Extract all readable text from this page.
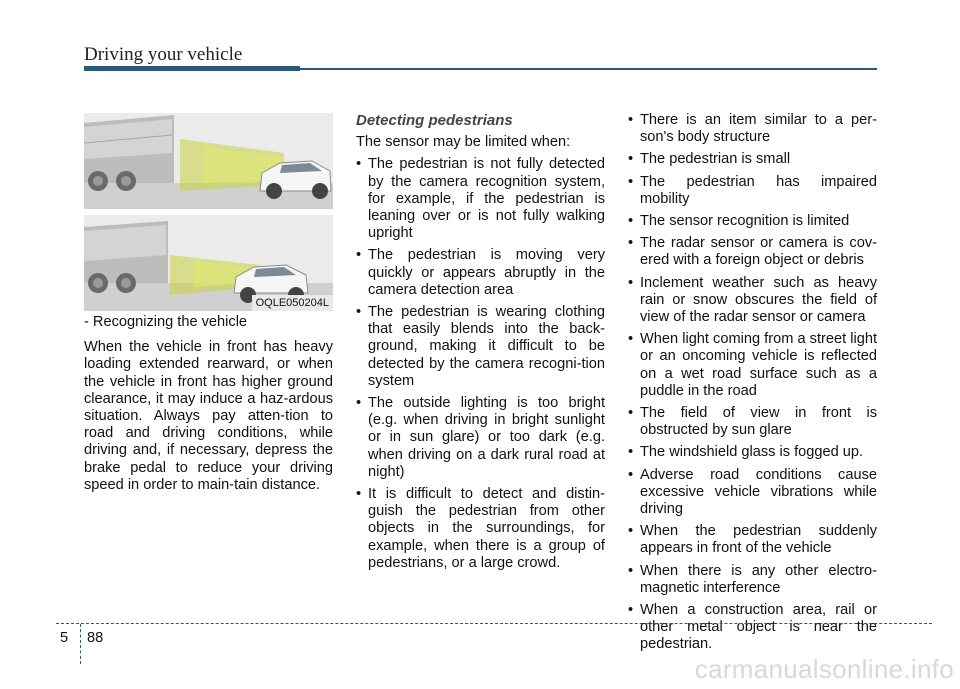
Driving your vehicle
OQLE050204L

- Recognizing the vehicle

When the vehicle in front has heavy loading extended rearward, or when the vehicle in front has higher ground clearance, it may induce a haz-ardous situation. Always pay atten-tion to road and driving conditions, while driving and, if necessary, depress the brake pedal to reduce your driving speed in order to main-tain distance.

Detecting pedestrians

The sensor may be limited when:

• The pedestrian is not fully detected by the camera recognition system, for example, if the pedestrian is leaning over or is not fully walking upright
• The pedestrian is moving very quickly or appears abruptly in the camera detection area
• The pedestrian is wearing clothing that easily blends into the back-ground, making it difficult to be detected by the camera recogni-tion system
• The outside lighting is too bright (e.g. when driving in bright sunlight or in sun glare) or too dark (e.g. when driving on a dark rural road at night)
• It is difficult to detect and distin-guish the pedestrian from other objects in the surroundings, for example, when there is a group of pedestrians, or a large crowd.
• There is an item similar to a per-son's body structure
• The pedestrian is small
• The pedestrian has impaired mobility
• The sensor recognition is limited
• The radar sensor or camera is cov-ered with a foreign object or debris
• Inclement weather such as heavy rain or snow obscures the field of view of the radar sensor or camera
• When light coming from a street light or an oncoming vehicle is reflected on a wet road surface such as a puddle in the road
• The field of view in front is obstructed by sun glare
• The windshield glass is fogged up.
• Adverse road conditions cause excessive vehicle vibrations while driving
• When the pedestrian suddenly appears in front of the vehicle
• When there is any other electro-magnetic interference
• When a construction area, rail or other metal object is near the pedestrian.
5 88
carmanualsonline.info
